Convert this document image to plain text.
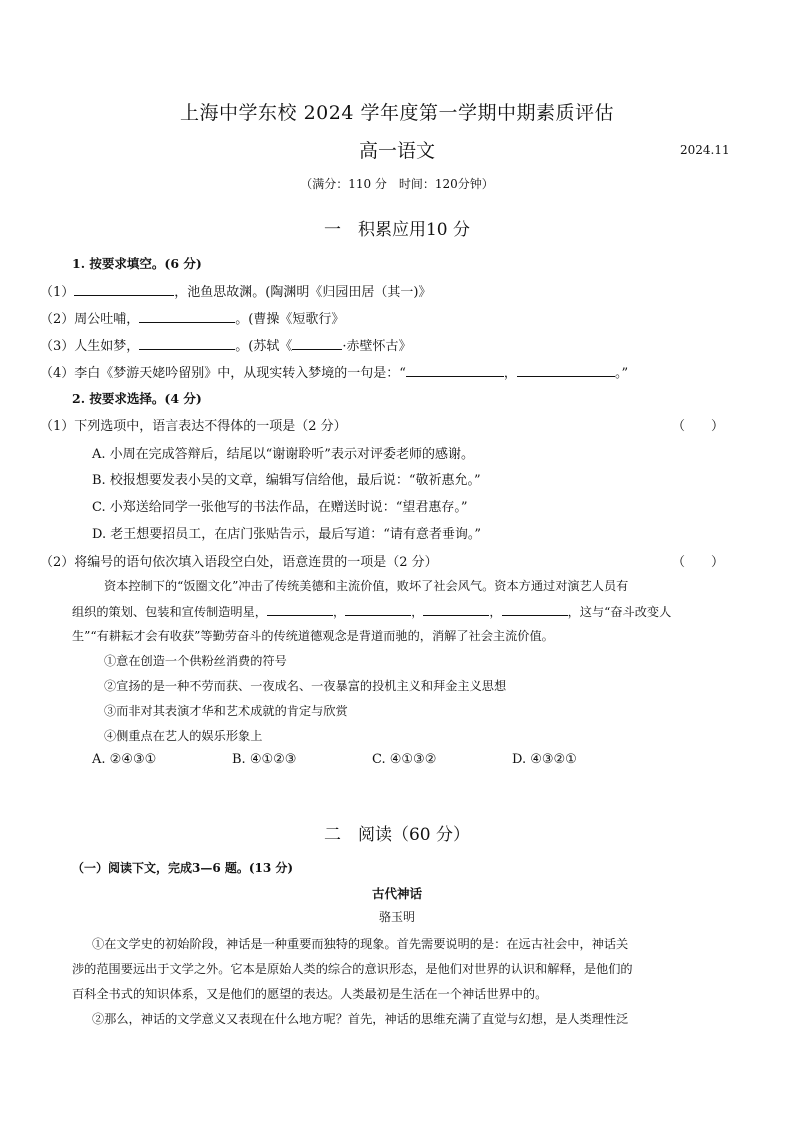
上海中学东校 2024 学年度第一学期中期素质评估
高一语文	2024.11
（满分：110 分　时间：120分钟）
一　积累应用10 分
1. 按要求填空。(6 分)
（1）	，池鱼思故渊。(陶渊明《归园田居（其一)》
（2）周公吐哺，	。(曹操《短歌行》
（3）人生如梦，	。(苏轼《	·赤壁怀古》
（4）李白《梦游天姥吟留别》中，从现实转入梦境的一句是：“	，	。”
2. 按要求选择。(4 分)
（1）下列选项中，语言表达不得体的一项是（2 分）	（　　）
A. 小周在完成答辩后，结尾以“谢谢聆听”表示对评委老师的感谢。
B. 校报想要发表小吴的文章，编辑写信给他，最后说：“敬祈惠允。”
C. 小郑送给同学一张他写的书法作品，在赠送时说：“望君惠存。”
D. 老王想要招员工，在店门张贴告示，最后写道：“请有意者垂询。”
（2）将编号的语句依次填入语段空白处，语意连贯的一项是（2 分）	（　　）
资本控制下的“饭圈文化”冲击了传统美德和主流价值，败坏了社会风气。资本方通过对演艺人员有
组织的策划、包装和宣传制造明星，	，	，	，	，这与“奋斗改变人
生”“有耕耘才会有收获”等勤劳奋斗的传统道德观念是背道而驰的，消解了社会主流价值。
①意在创造一个供粉丝消费的符号
②宣扬的是一种不劳而获、一夜成名、一夜暴富的投机主义和拜金主义思想
③而非对其表演才华和艺术成就的肯定与欣赏
④侧重点在艺人的娱乐形象上
A. ②④③①	B. ④①②③	C. ④①③②	D. ④③②①
二　阅读（60 分）
（一）阅读下文，完成3—6 题。(13 分)
古代神话
骆玉明
①在文学史的初始阶段，神话是一种重要而独特的现象。首先需要说明的是：在远古社会中，神话关
涉的范围要远出于文学之外。它本是原始人类的综合的意识形态，是他们对世界的认识和解释，是他们的
百科全书式的知识体系，又是他们的愿望的表达。人类最初是生活在一个神话世界中的。
②那么，神话的文学意义又表现在什么地方呢？首先，神话的思维充满了直觉与幻想，是人类理性泛
